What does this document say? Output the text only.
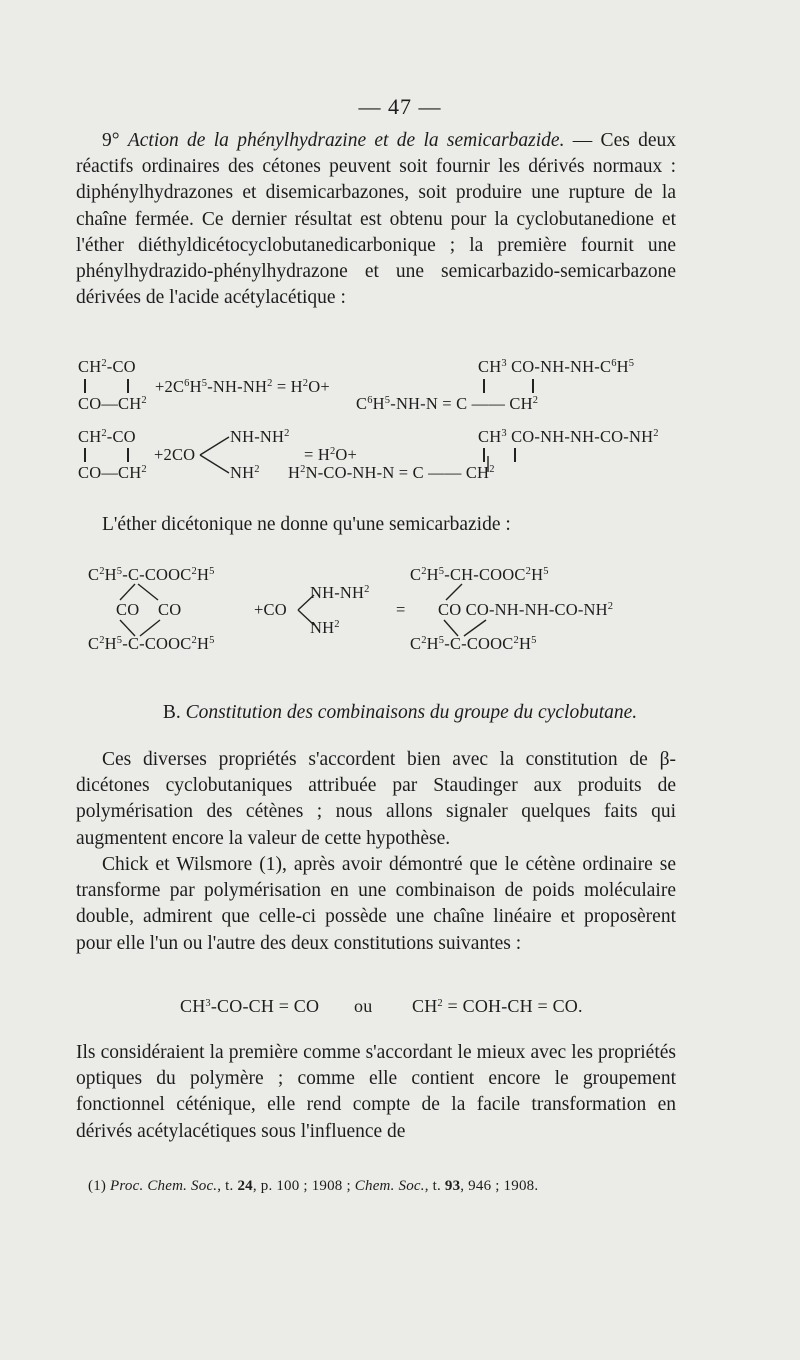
— 47 —

9° Action de la phénylhydrazine et de la semicarbazide. — Ces deux réactifs ordinaires des cétones peuvent soit fournir les dérivés normaux : diphénylhydrazones et disemicarbazones, soit produire une rupture de la chaîne fermée. Ce dernier résultat est obtenu pour la cyclobutanedione et l'éther diéthyldicétocyclobutanedicarbonique ; la première fournit une phénylhydrazido-phénylhydrazone et une semicarbazido-semicarbazone dérivées de l'acide acétylacétique :

$CH^2-CO$
$CO—CH^2$
$+2C^6H^5-NH-NH^2 = H^2O+$
$CH^3$ $CO-NH-NH-C^6H^5$
$C^6H^5-NH-N = C$ —— $CH^2$
$CH^2-CO$
$CO—CH^2$
+2CO
$NH-NH^2$
$NH^2$
= $H^2O+$
$CH^3$ $CO-NH-NH-CO-NH^2$
$H^2N-CO-NH-N = C$ —— $CH^2$

L'éther dicétonique ne donne qu'une semicarbazide :

$C^2H^5-C-COOC^2H^5$
CO CO
$C^2H^5-C-COOC^2H^5$
+CO
$NH-NH^2$
$NH^2$
=
$C^2H^5-CH-COOC^2H^5$
CO $CO-NH-NH-CO-NH^2$
$C^2H^5-C-COOC^2H^5$
B. Constitution des combinaisons du groupe du cyclobutane.

Ces diverses propriétés s'accordent bien avec la constitution de β-dicétones cyclobutaniques attribuée par Staudinger aux produits de polymérisation des cétènes ; nous allons signaler quelques faits qui augmentent encore la valeur de cette hypothèse.

Chick et Wilsmore (1), après avoir démontré que le cétène ordinaire se transforme par polymérisation en une combinaison de poids moléculaire double, admirent que celle-ci possède une chaîne linéaire et proposèrent pour elle l'un ou l'autre des deux constitutions suivantes :

$CH^3-CO-CH$ = CO ou $CH^2 = COH-CH$ = CO.

Ils considéraient la première comme s'accordant le mieux avec les propriétés optiques du polymère ; comme elle contient encore le groupement fonctionnel céténique, elle rend compte de la facile transformation en dérivés acétylacétiques sous l'influence de

(1) Proc. Chem. Soc., t. 24, p. 100 ; 1908 ; Chem. Soc., t. 93, 946 ; 1908.
